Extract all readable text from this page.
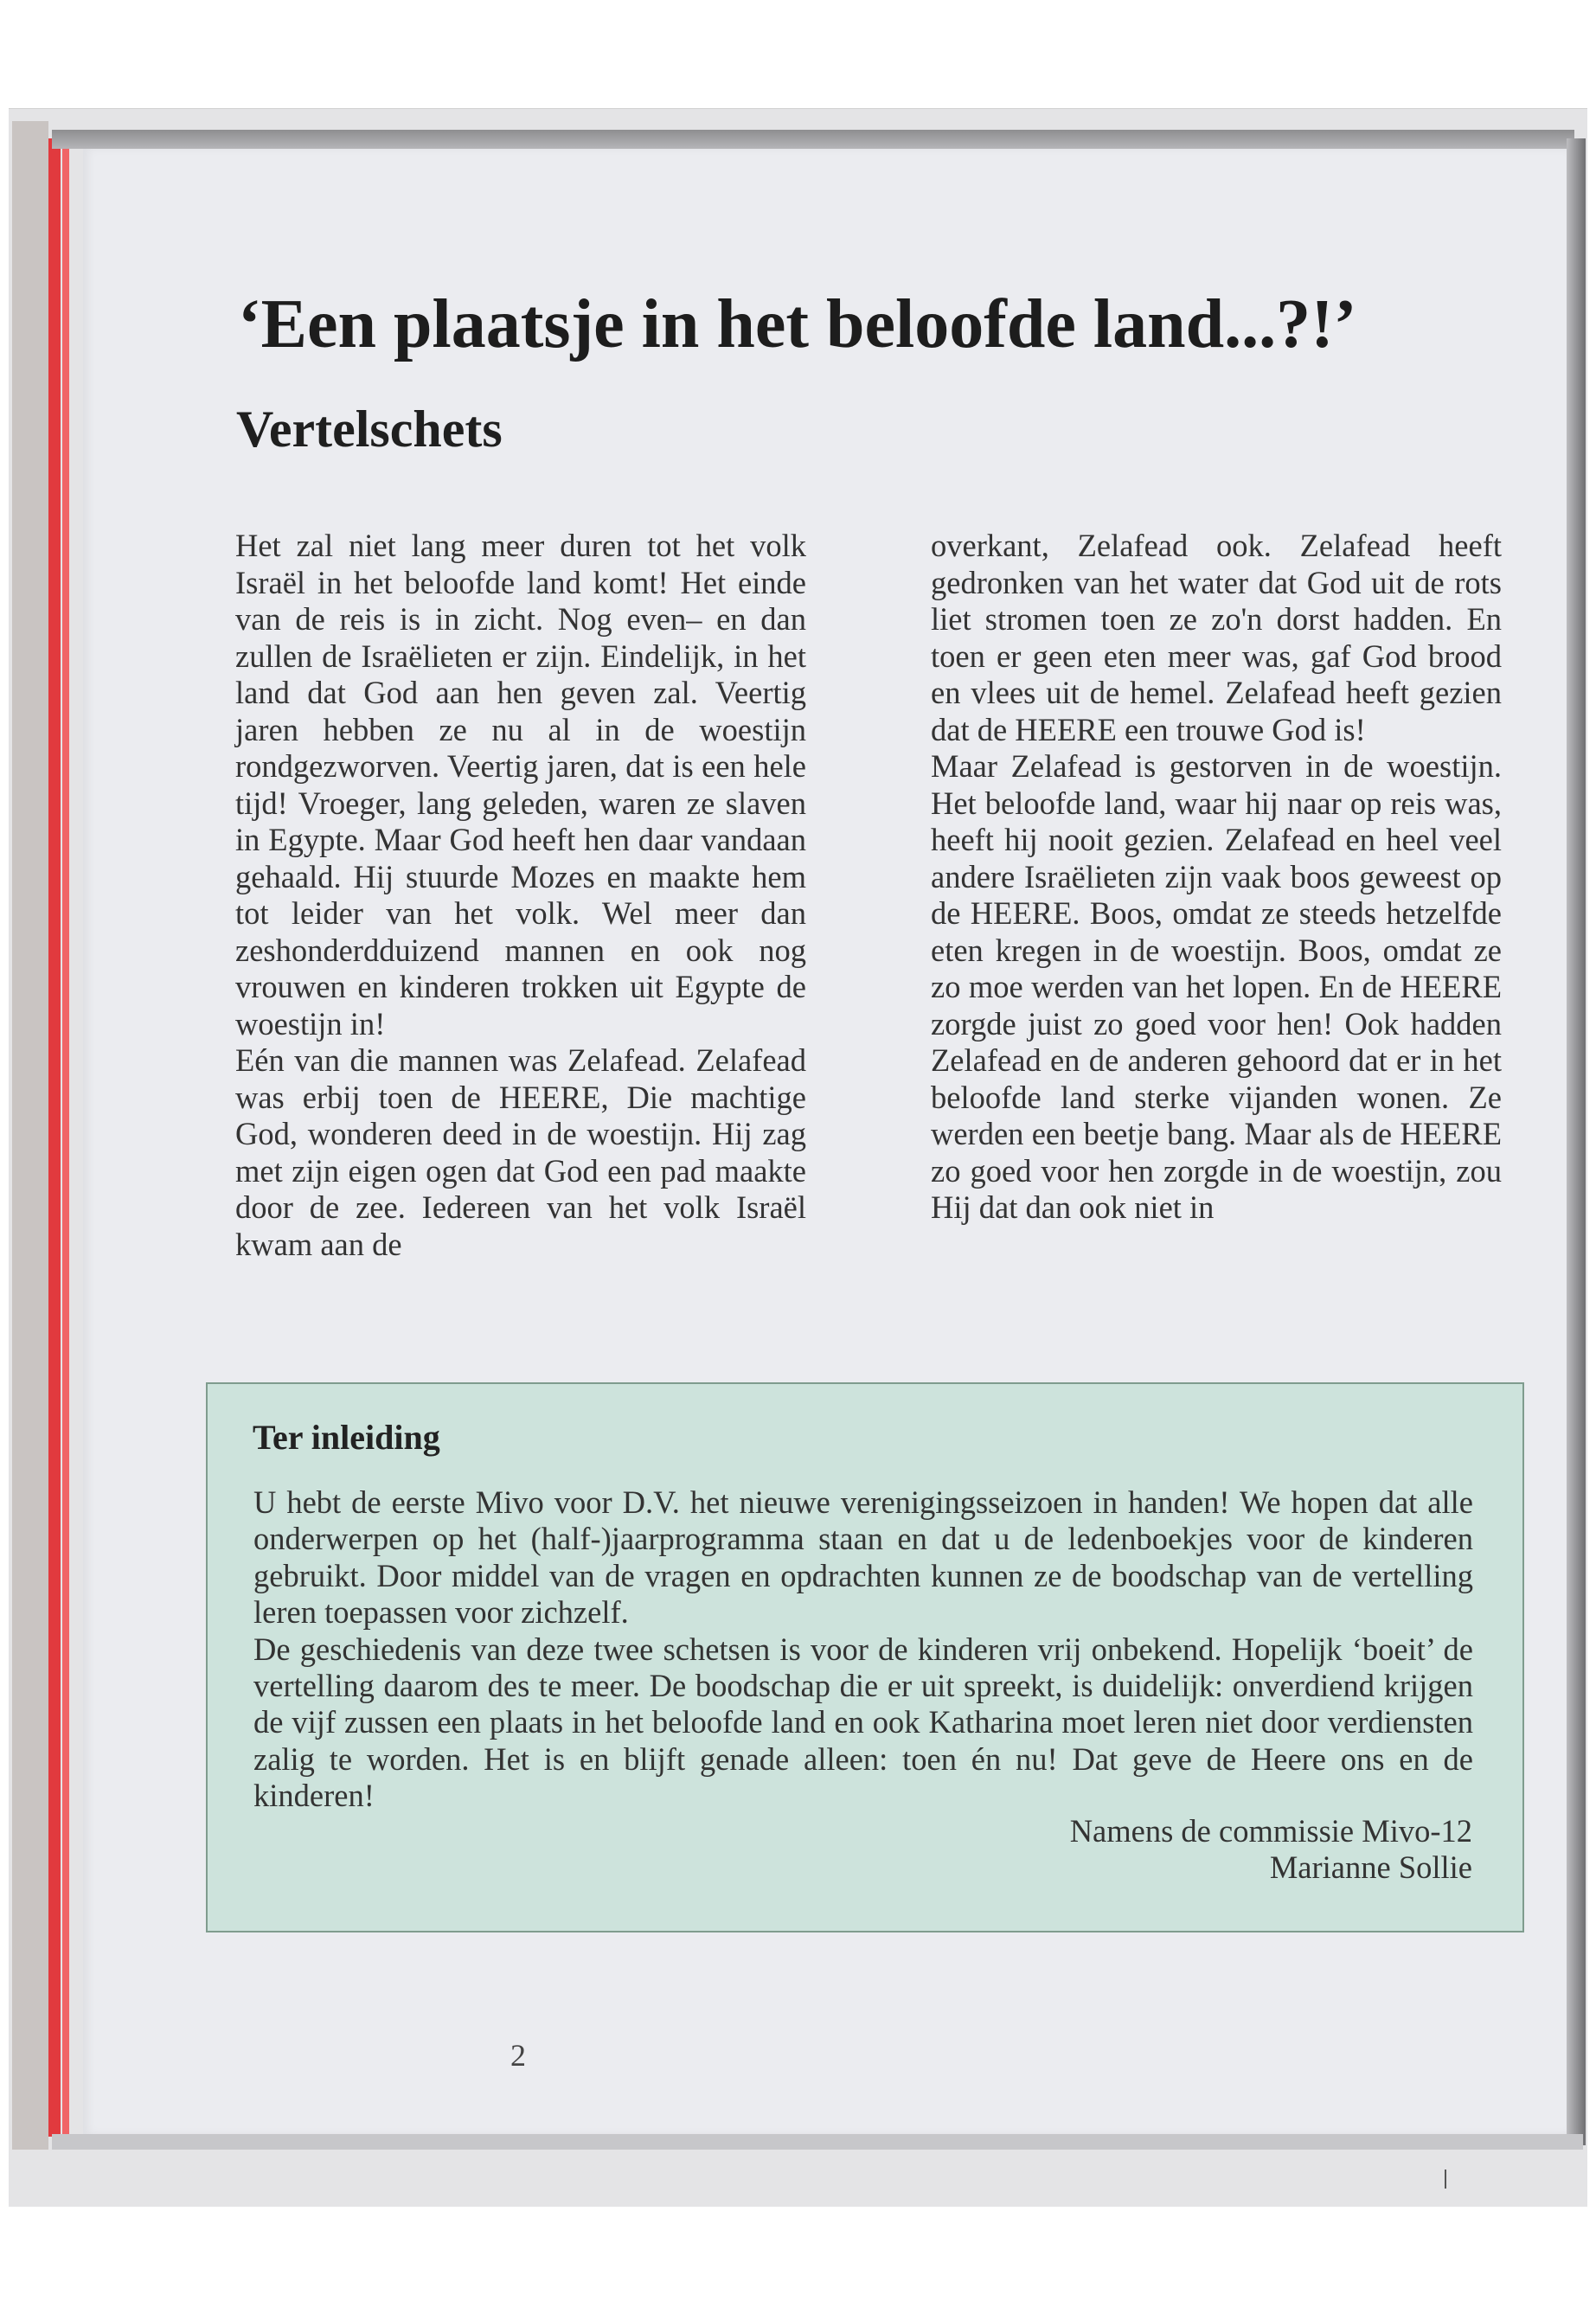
‘Een plaatsje in het beloofde land...?!’
Vertelschets

Het zal niet lang meer duren tot het volk Israël in het beloofde land komt! Het einde van de reis is in zicht. Nog even– en dan zullen de Israëlieten er zijn. Eindelijk, in het land dat God aan hen geven zal. Veertig jaren hebben ze nu al in de woestijn rondgezworven. Veertig jaren, dat is een hele tijd! Vroeger, lang geleden, waren ze slaven in Egypte. Maar God heeft hen daar vandaan gehaald. Hij stuurde Mozes en maakte hem tot leider van het volk. Wel meer dan zeshonderdduizend mannen en ook nog vrouwen en kinderen trokken uit Egypte de woestijn in!

Eén van die mannen was Zelafead. Zelafead was erbij toen de HEERE, Die machtige God, wonderen deed in de woestijn. Hij zag met zijn eigen ogen dat God een pad maakte door de zee. Iedereen van het volk Israël kwam aan de

overkant, Zelafead ook. Zelafead heeft gedronken van het water dat God uit de rots liet stromen toen ze zo'n dorst hadden. En toen er geen eten meer was, gaf God brood en vlees uit de hemel. Zelafead heeft gezien dat de HEERE een trouwe God is!

Maar Zelafead is gestorven in de woestijn. Het beloofde land, waar hij naar op reis was, heeft hij nooit gezien. Zelafead en heel veel andere Israëlieten zijn vaak boos geweest op de HEERE. Boos, omdat ze steeds hetzelfde eten kregen in de woestijn. Boos, omdat ze zo moe werden van het lopen. En de HEERE zorgde juist zo goed voor hen! Ook hadden Zelafead en de anderen gehoord dat er in het beloofde land sterke vijanden wonen. Ze werden een beetje bang. Maar als de HEERE zo goed voor hen zorgde in de woestijn, zou Hij dat dan ook niet in

Ter inleiding

U hebt de eerste Mivo voor D.V. het nieuwe verenigingsseizoen in handen! We hopen dat alle onderwerpen op het (half-)jaarprogramma staan en dat u de ledenboekjes voor de kinderen gebruikt. Door middel van de vragen en opdrachten kunnen ze de boodschap van de vertelling leren toepassen voor zichzelf.

De geschiedenis van deze twee schetsen is voor de kinderen vrij onbekend. Hopelijk ‘boeit’ de vertelling daarom des te meer. De boodschap die er uit spreekt, is duidelijk: onverdiend krijgen de vijf zussen een plaats in het beloofde land en ook Katharina moet leren niet door verdiensten zalig te worden. Het is en blijft genade alleen: toen én nu! Dat geve de Heere ons en de kinderen!

Namens de commissie Mivo-12
Marianne Sollie
2
